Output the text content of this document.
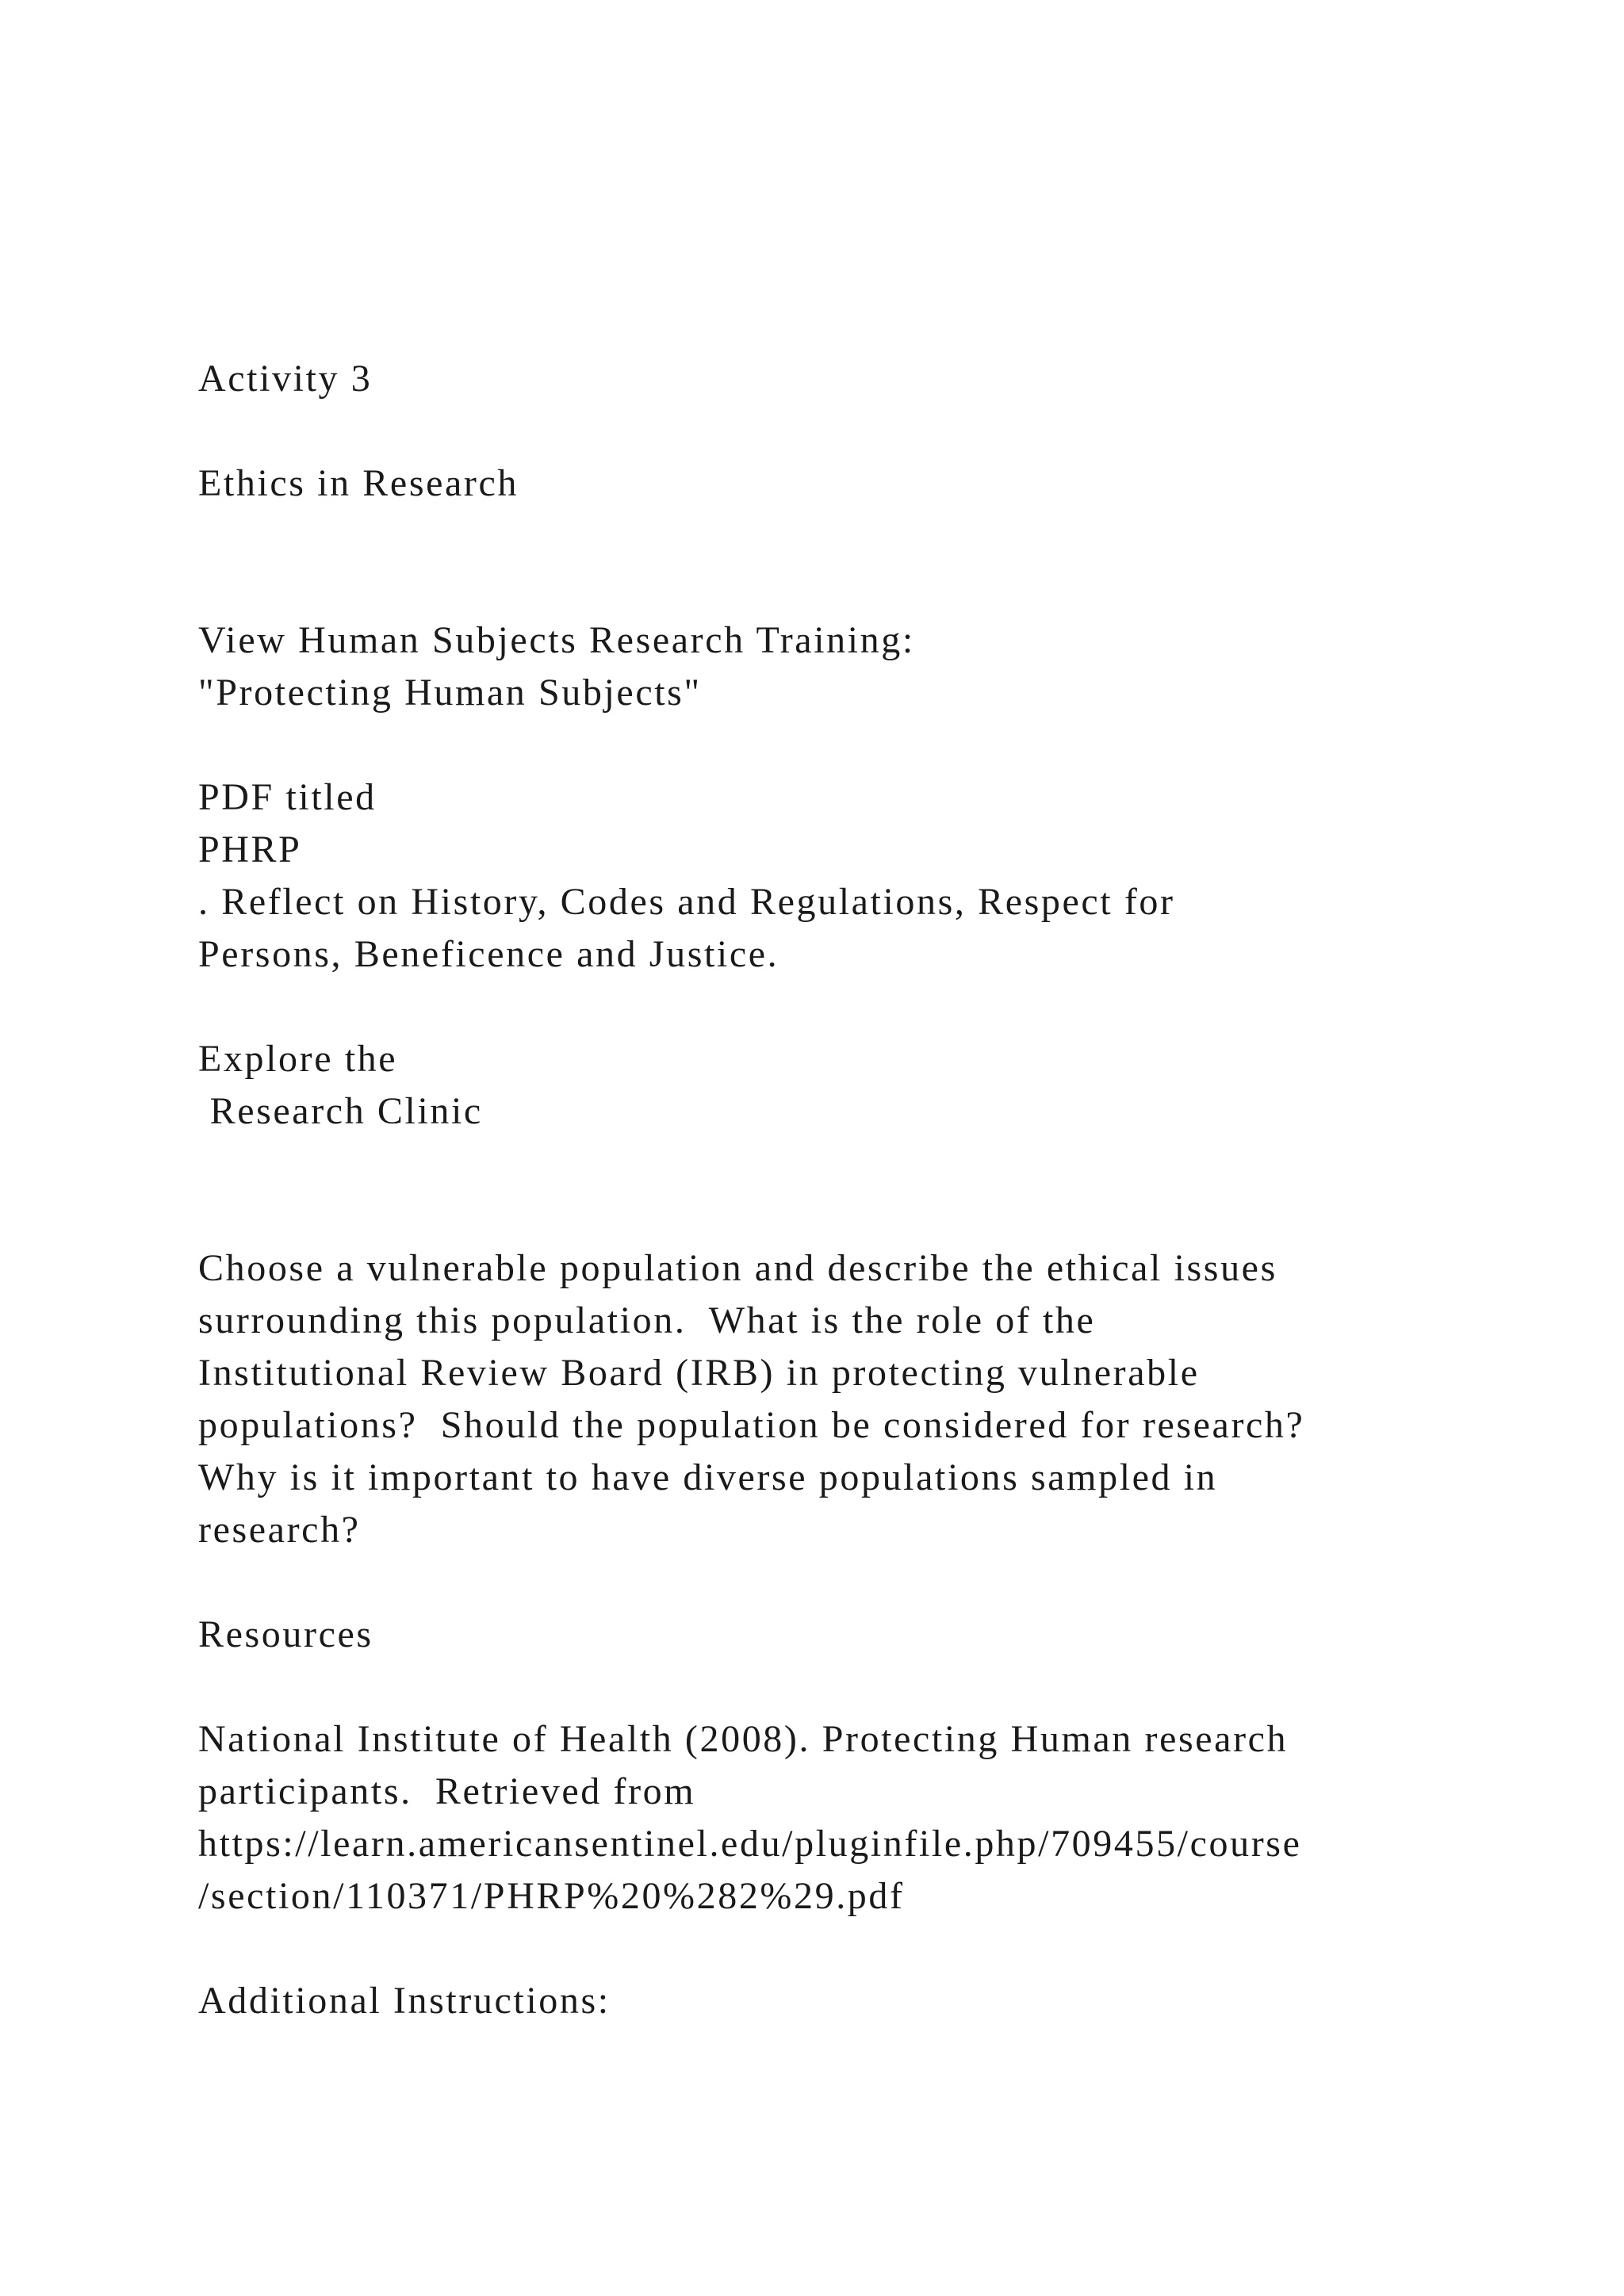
Activity 3

Ethics in Research

View Human Subjects Research Training:

"Protecting Human Subjects"

PDF titled

PHRP

. Reflect on History, Codes and Regulations, Respect for

Persons, Beneficence and Justice.

Explore the

Research Clinic

Choose a vulnerable population and describe the ethical issues

surrounding this population.  What is the role of the

Institutional Review Board (IRB) in protecting vulnerable

populations?  Should the population be considered for research?

Why is it important to have diverse populations sampled in

research?

Resources

National Institute of Health (2008). Protecting Human research

participants.  Retrieved from

https://learn.americansentinel.edu/pluginfile.php/709455/course

/section/110371/PHRP%20%282%29.pdf

Additional Instructions:
